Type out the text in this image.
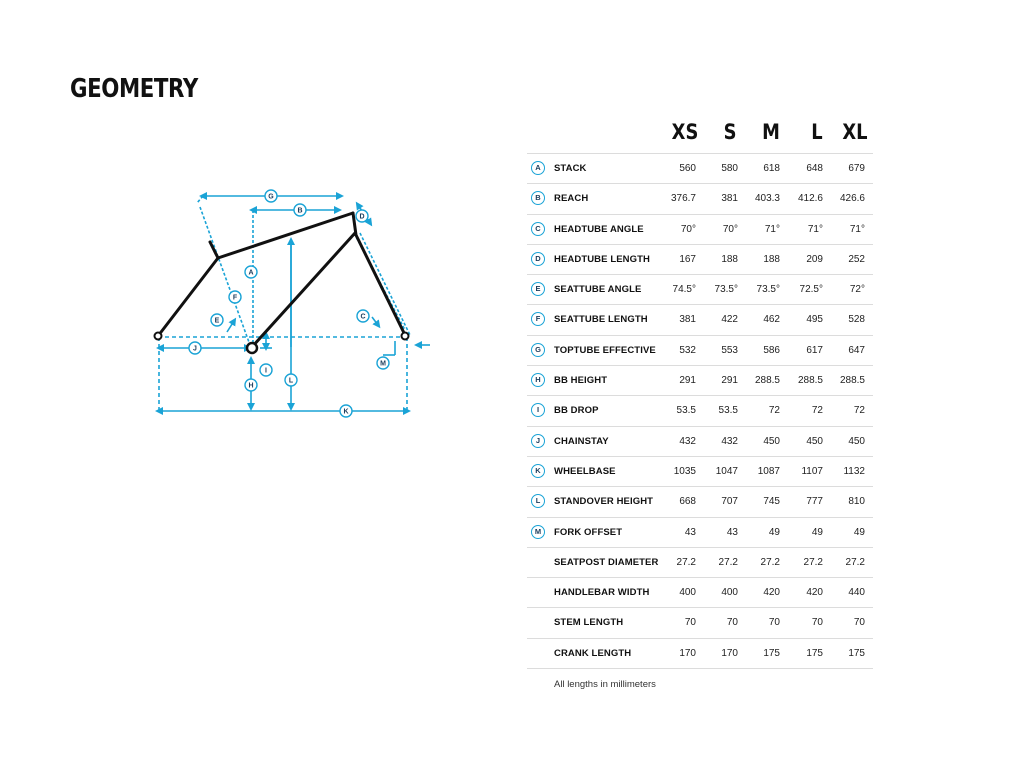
GEOMETRY
G
B
D
A
F
E
C
J
M
I
H
L
K
XS	S	M	L XL
A	STACK	560	580	618	648	679
B	REACH	376.7	381	403.3	412.6	426.6
C	HEADTUBE ANGLE	70°	70°	71°	71°	71°
D	HEADTUBE LENGTH	167	188	188	209	252
E	SEATTUBE ANGLE	74.5°	73.5°	73.5°	72.5°	72°
F	SEATTUBE LENGTH	381	422	462	495	528
G	TOPTUBE EFFECTIVE	532	553	586	617	647
H	BB HEIGHT	291	291	288.5	288.5	288.5
I	BB DROP	53.5	53.5	72	72	72
J	CHAINSTAY	432	432	450	450	450
K	WHEELBASE	1035	1047	1087	1107	1132
L	STANDOVER HEIGHT	668	707	745	777	810
M	FORK OFFSET	43	43	49	49	49
SEATPOST DIAMETER	27.2	27.2	27.2	27.2	27.2
HANDLEBAR WIDTH	400	400	420	420	440
STEM LENGTH	70	70	70	70	70
CRANK LENGTH	170	170	175	175	175
All lengths in millimeters
